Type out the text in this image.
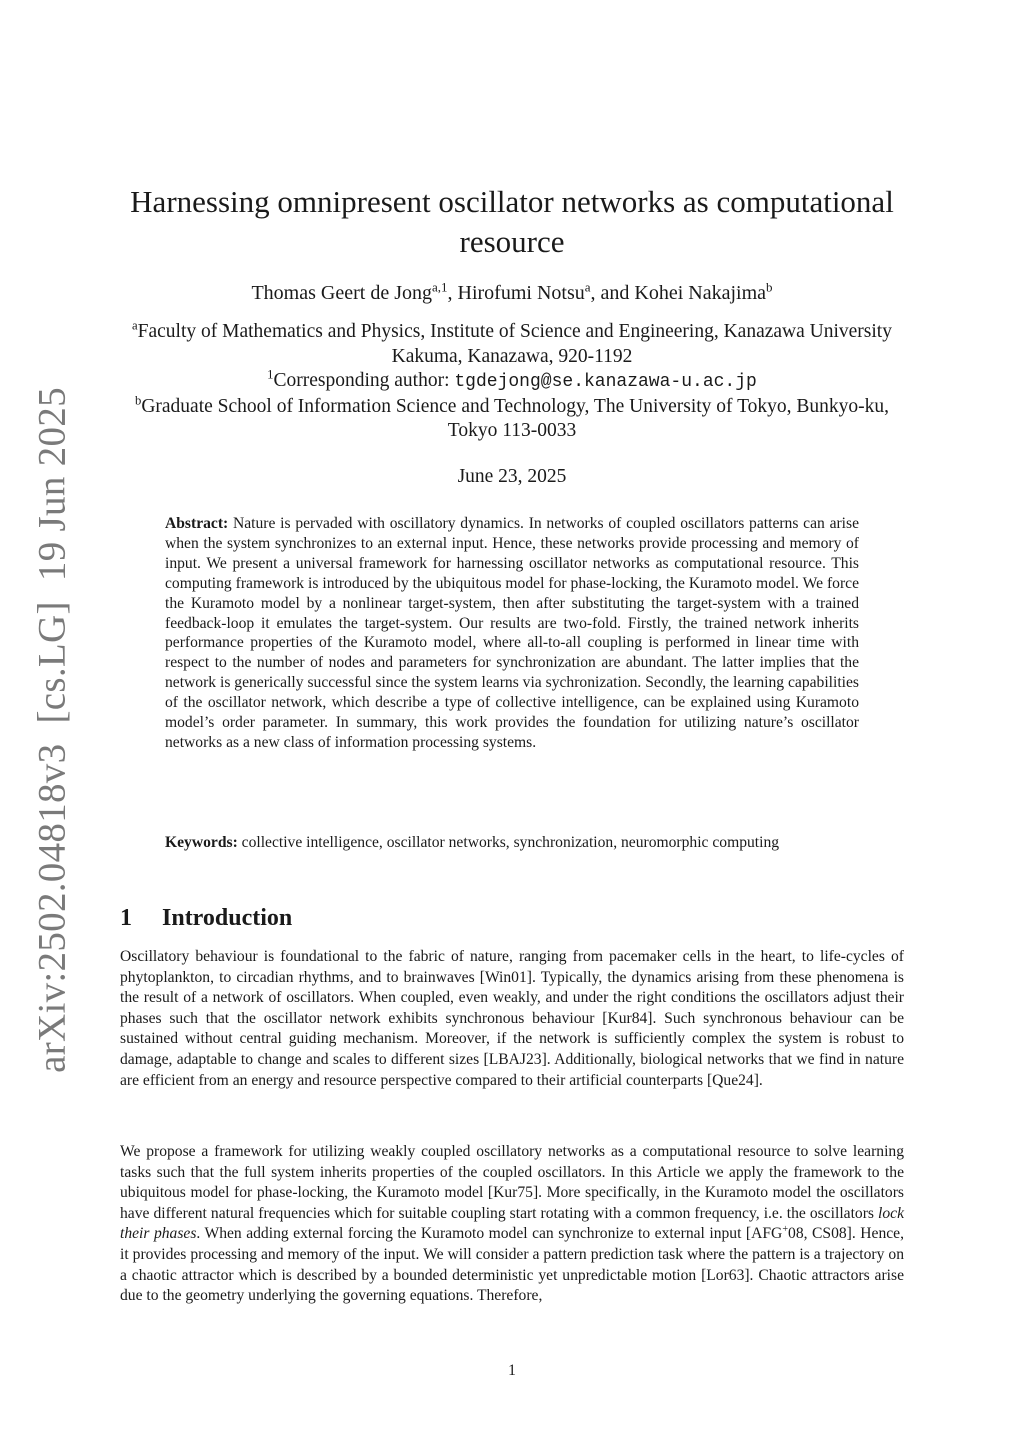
arXiv:2502.04818v3  [cs.LG]  19 Jun 2025
Harnessing omnipresent oscillator networks as computational resource
Thomas Geert de Jong$^{a,1}$, Hirofumi Notsu$^a$, and Kohei Nakajima$^b$
$^a$Faculty of Mathematics and Physics, Institute of Science and Engineering, Kanazawa University Kakuma, Kanazawa, 920-1192
$^1$Corresponding author: tgdejong@se.kanazawa-u.ac.jp
$^b$Graduate School of Information Science and Technology, The University of Tokyo, Bunkyo-ku, Tokyo 113-0033
June 23, 2025

Abstract: Nature is pervaded with oscillatory dynamics. In networks of coupled oscillators patterns can arise when the system synchronizes to an external input. Hence, these networks provide processing and memory of input. We present a universal framework for harnessing oscillator networks as computational resource. This computing framework is introduced by the ubiquitous model for phase-locking, the Kuramoto model. We force the Kuramoto model by a nonlinear target-system, then after substituting the target-system with a trained feedback-loop it emulates the target-system. Our results are two-fold. Firstly, the trained network inherits performance properties of the Kuramoto model, where all-to-all coupling is performed in linear time with respect to the number of nodes and parameters for synchronization are abundant. The latter implies that the network is generically successful since the system learns via sychronization. Secondly, the learning capabilities of the oscillator network, which describe a type of collective intelligence, can be explained using Kuramoto model’s order parameter. In summary, this work provides the foundation for utilizing nature’s oscillator networks as a new class of information processing systems.

Keywords: collective intelligence, oscillator networks, synchronization, neuromorphic computing

1 Introduction

Oscillatory behaviour is foundational to the fabric of nature, ranging from pacemaker cells in the heart, to life-cycles of phytoplankton, to circadian rhythms, and to brainwaves [Win01]. Typically, the dynamics arising from these phenomena is the result of a network of oscillators. When coupled, even weakly, and under the right conditions the oscillators adjust their phases such that the oscillator network exhibits synchronous behaviour [Kur84]. Such synchronous behaviour can be sustained without central guiding mechanism. Moreover, if the network is sufficiently complex the system is robust to damage, adaptable to change and scales to different sizes [LBAJ23]. Additionally, biological networks that we find in nature are efficient from an energy and resource perspective compared to their artificial counterparts [Que24].

We propose a framework for utilizing weakly coupled oscillatory networks as a computational resource to solve learning tasks such that the full system inherits properties of the coupled oscillators. In this Article we apply the framework to the ubiquitous model for phase-locking, the Kuramoto model [Kur75]. More specifically, in the Kuramoto model the oscillators have different natural frequencies which for suitable coupling start rotating with a common frequency, i.e. the oscillators lock their phases. When adding external forcing the Kuramoto model can synchronize to external input [AFG+08, CS08]. Hence, it provides processing and memory of the input. We will consider a pattern prediction task where the pattern is a trajectory on a chaotic attractor which is described by a bounded deterministic yet unpredictable motion [Lor63]. Chaotic attractors arise due to the geometry underlying the governing equations. Therefore,

1
